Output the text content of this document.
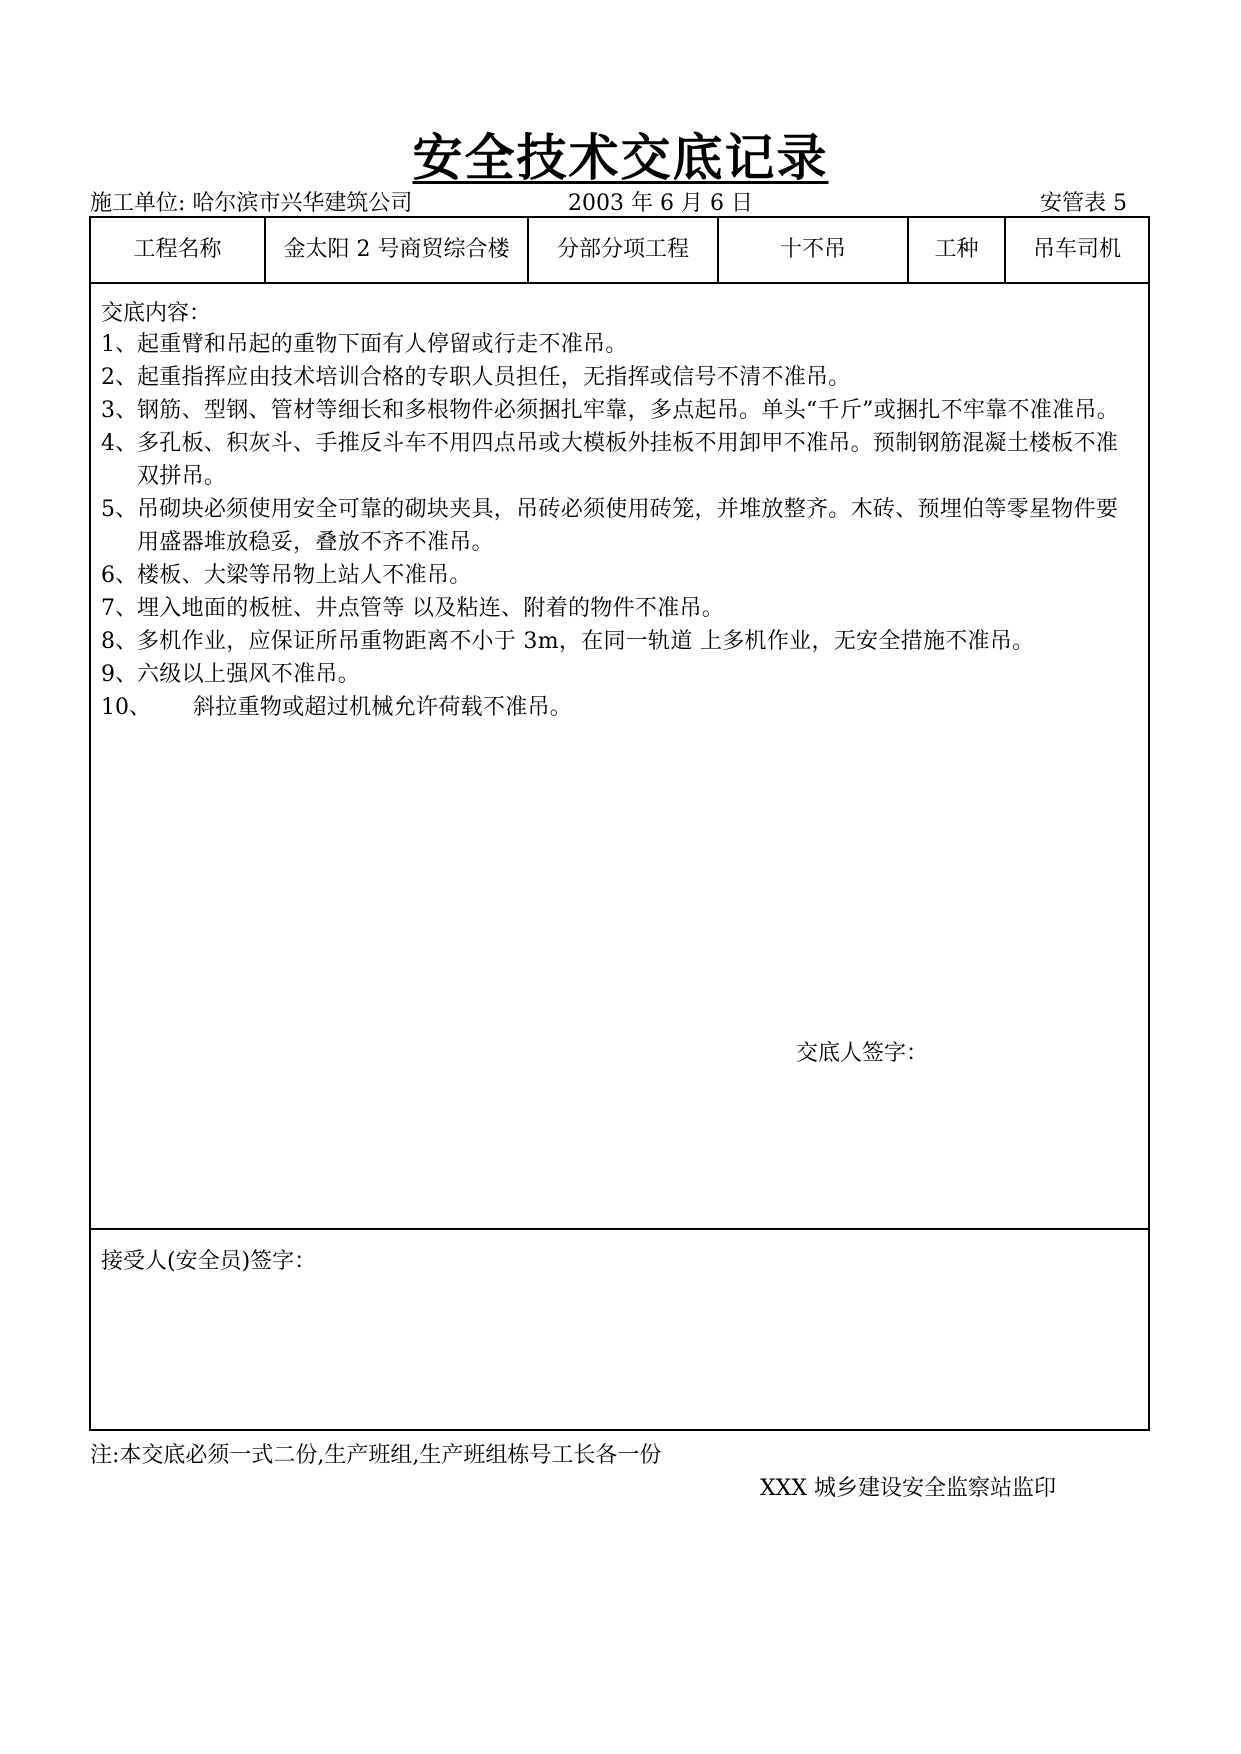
安全技术交底记录
施工单位: 哈尔滨市兴华建筑公司	2003 年 6 月 6 日	安管表 5
工程名称	金太阳 2 号商贸综合楼	分部分项工程	十不吊	工种	吊车司机
交底内容：
1、 起重臂和吊起的重物下面有人停留或行走不准吊。
2、 起重指挥应由技术培训合格的专职人员担任，无指挥或信号不清不准吊。
3、 钢筋、型钢、管材等细长和多根物件必须捆扎牢靠，多点起吊。单头“千斤”或捆扎不牢靠不准准吊。
4、 多孔板、积灰斗、手推反斗车不用四点吊或大模板外挂板不用卸甲不准吊。预制钢筋混凝土楼板不准双拼吊。
5、 吊砌块必须使用安全可靠的砌块夹具，吊砖必须使用砖笼，并堆放整齐。木砖、预埋伯等零星物件要用盛器堆放稳妥，叠放不齐不准吊。
6、 楼板、大梁等吊物上站人不准吊。
7、 埋入地面的板桩、井点管等 以及粘连、附着的物件不准吊。
8、 多机作业，应保证所吊重物距离不小于 3m，在同一轨道 上多机作业，无安全措施不准吊。
9、 六级以上强风不准吊。
10、 斜拉重物或超过机械允许荷载不准吊。
交底人签字：
接受人(安全员)签字：
注:本交底必须一式二份,生产班组,生产班组栋号工长各一份
XXX 城乡建设安全监察站监印
